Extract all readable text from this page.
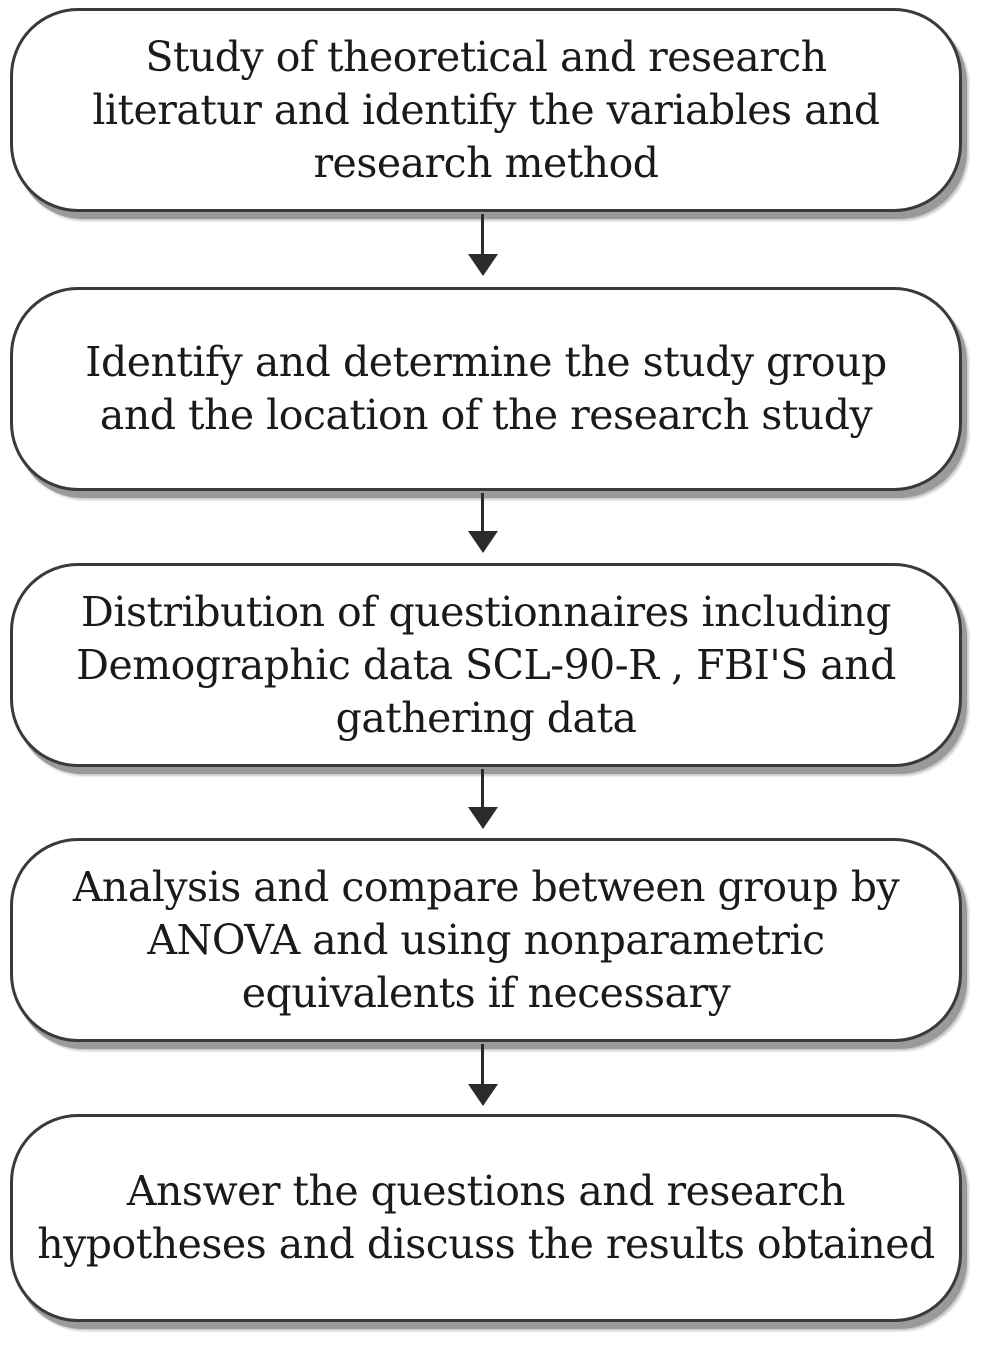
Study of theoretical and research
literatur and identify the variables and
research method
Identify and determine the study group
and the location of the research study
Distribution of questionnaires including
Demographic data SCL-90-R , FBI'S and
gathering data
Analysis and compare between group by
ANOVA and using nonparametric
equivalents if necessary
Answer the questions and research
hypotheses and discuss the results obtained
